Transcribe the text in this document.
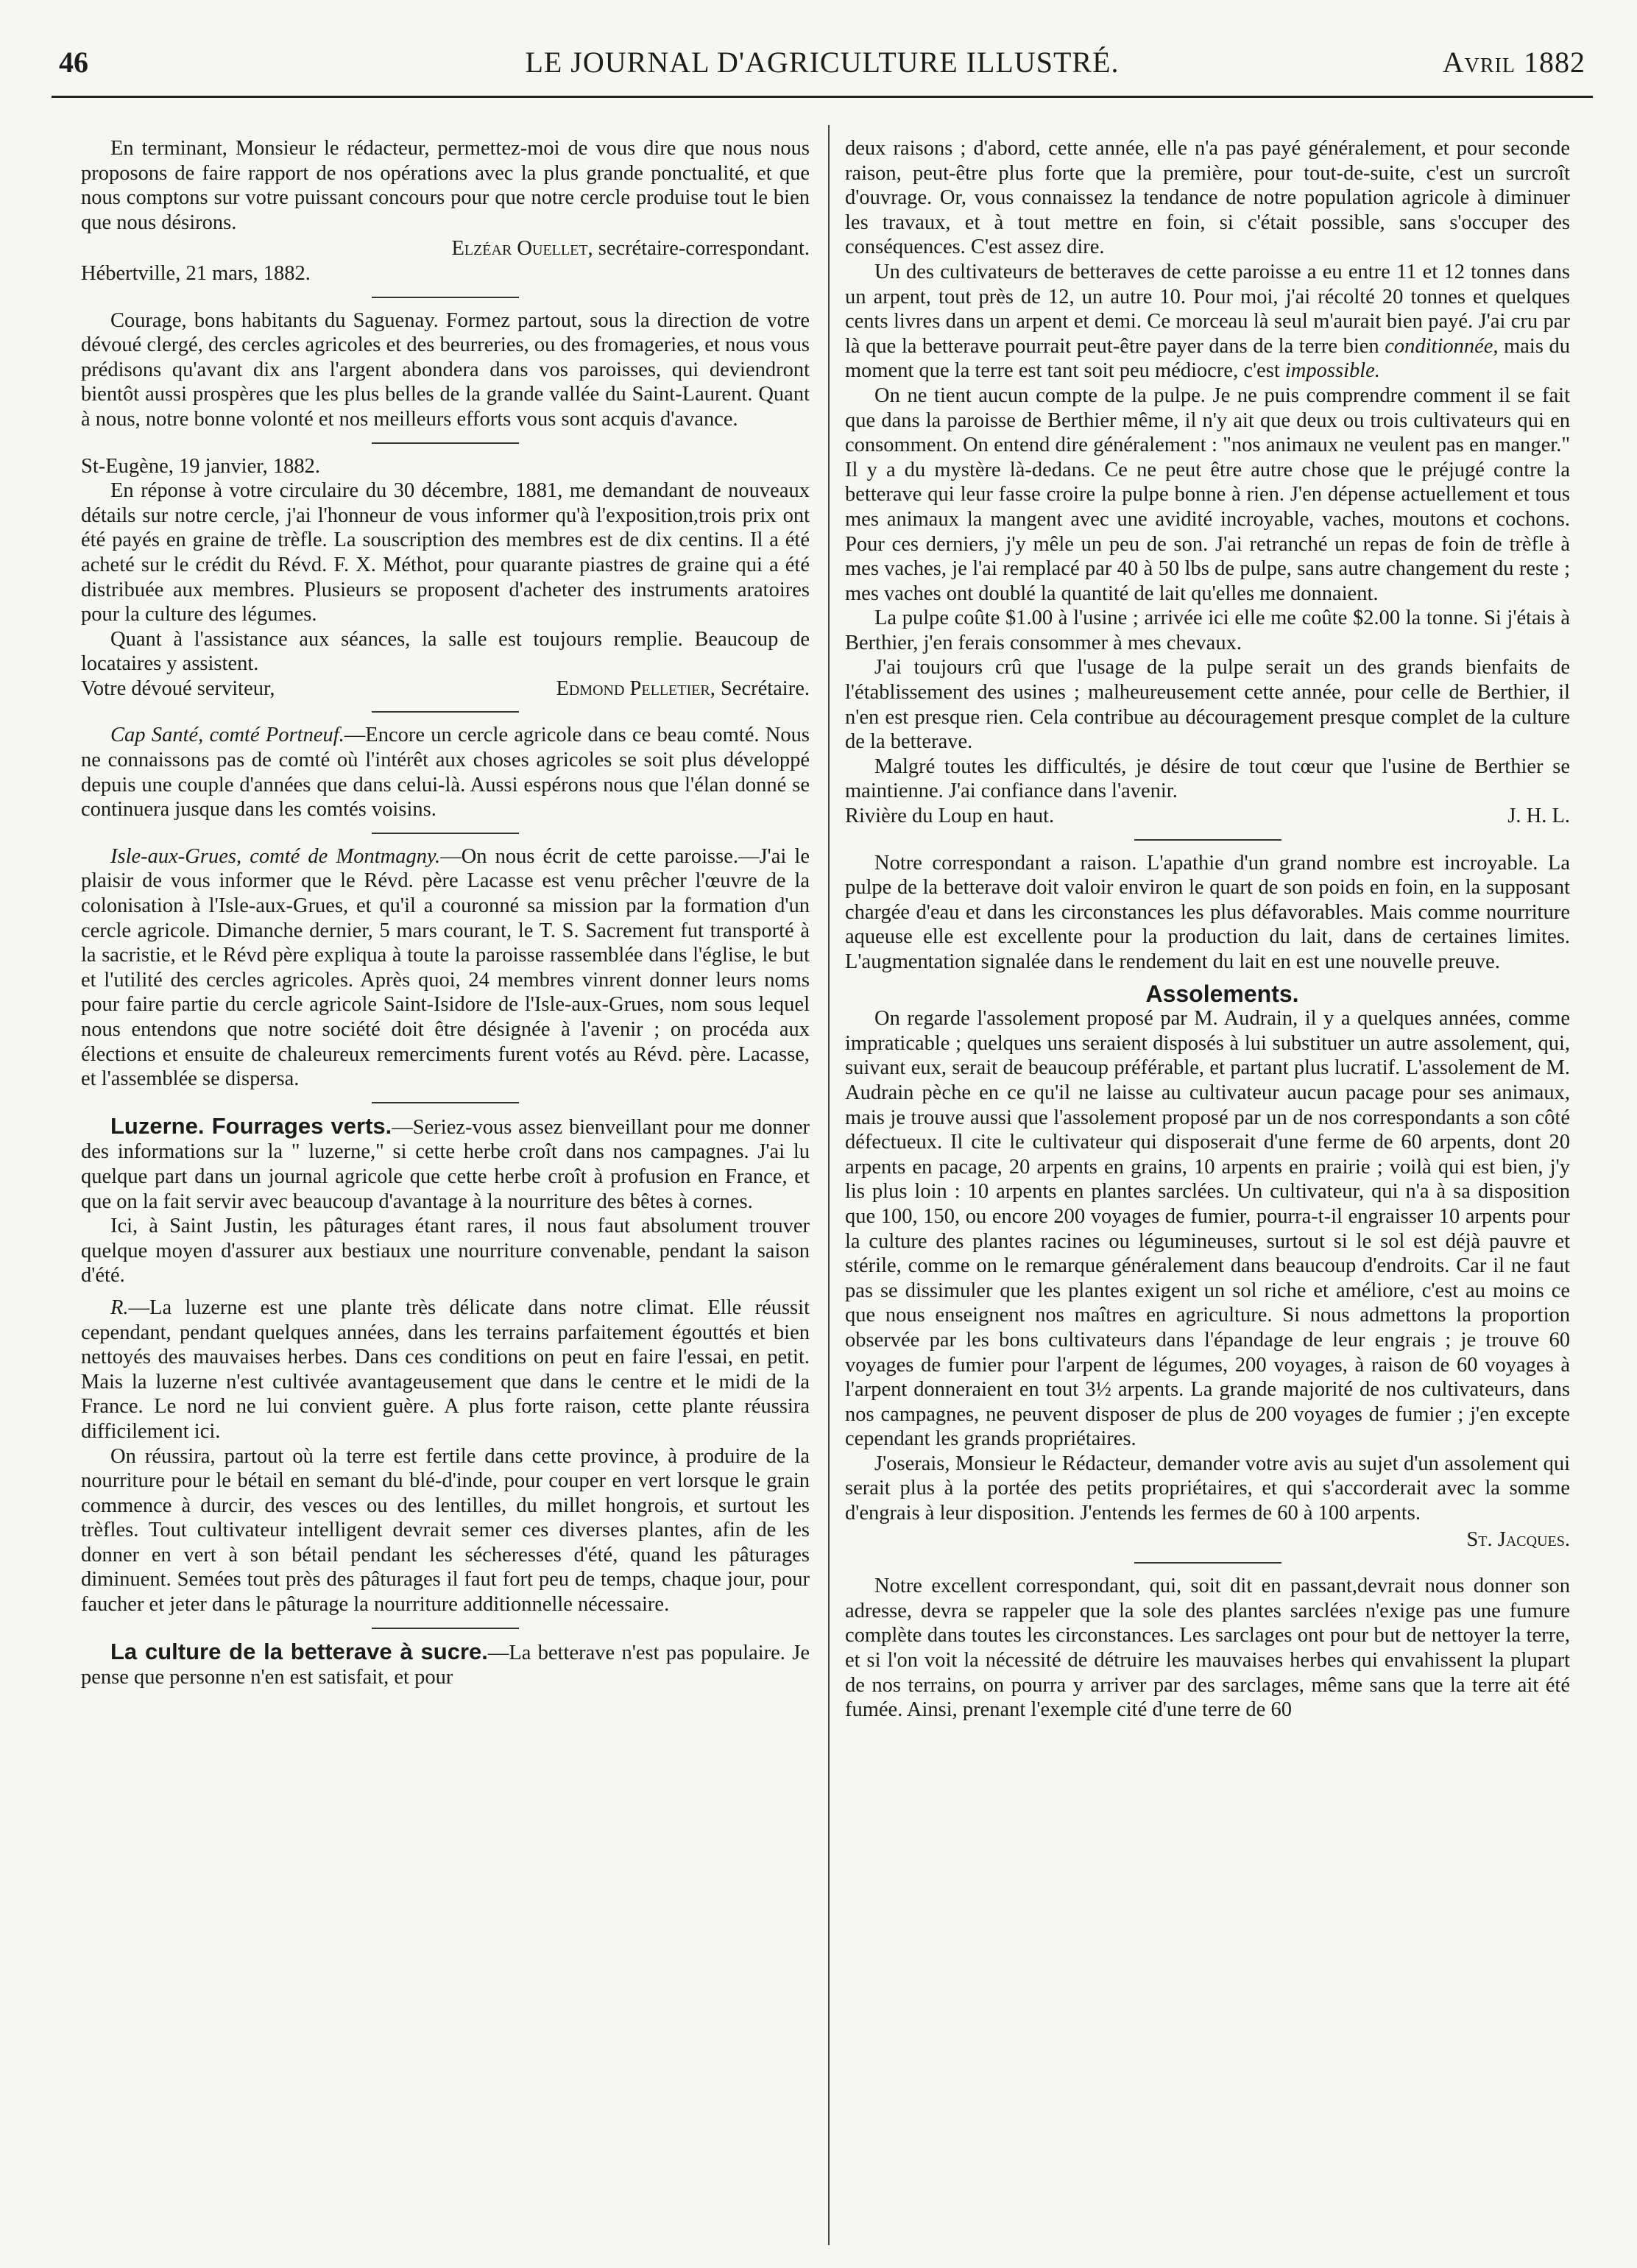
46	LE JOURNAL D'AGRICULTURE ILLUSTRÉ.	Avril 1882

En terminant, Monsieur le rédacteur, permettez-moi de vous dire que nous nous proposons de faire rapport de nos opérations avec la plus grande ponctualité, et que nous comptons sur votre puissant concours pour que notre cercle produise tout le bien que nous désirons.

Elzéar Ouellet, secrétaire-correspondant.

Hébertville, 21 mars, 1882.

Courage, bons habitants du Saguenay. Formez partout, sous la direction de votre dévoué clergé, des cercles agricoles et des beurreries, ou des fromageries, et nous vous prédisons qu'avant dix ans l'argent abondera dans vos paroisses, qui deviendront bientôt aussi prospères que les plus belles de la grande vallée du Saint-Laurent. Quant à nous, notre bonne volonté et nos meilleurs efforts vous sont acquis d'avance.

St-Eugène, 19 janvier, 1882.

En réponse à votre circulaire du 30 décembre, 1881, me demandant de nouveaux détails sur notre cercle, j'ai l'honneur de vous informer qu'à l'exposition,trois prix ont été payés en graine de trèfle. La souscription des membres est de dix centins. Il a été acheté sur le crédit du Révd. F. X. Méthot, pour quarante piastres de graine qui a été distribuée aux membres. Plusieurs se proposent d'acheter des instruments aratoires pour la culture des légumes.

Quant à l'assistance aux séances, la salle est toujours remplie. Beaucoup de locataires y assistent.

Votre dévoué serviteur,	Edmond Pelletier, Secrétaire.

Cap Santé, comté Portneuf.—Encore un cercle agricole dans ce beau comté. Nous ne connaissons pas de comté où l'intérêt aux choses agricoles se soit plus développé depuis une couple d'années que dans celui-là. Aussi espérons nous que l'élan donné se continuera jusque dans les comtés voisins.

Isle-aux-Grues, comté de Montmagny.—On nous écrit de cette paroisse.—J'ai le plaisir de vous informer que le Révd. père Lacasse est venu prêcher l'œuvre de la colonisation à l'Isle-aux-Grues, et qu'il a couronné sa mission par la formation d'un cercle agricole. Dimanche dernier, 5 mars courant, le T. S. Sacrement fut transporté à la sacristie, et le Révd père expliqua à toute la paroisse rassemblée dans l'église, le but et l'utilité des cercles agricoles. Après quoi, 24 membres vinrent donner leurs noms pour faire partie du cercle agricole Saint-Isidore de l'Isle-aux-Grues, nom sous lequel nous entendons que notre société doit être désignée à l'avenir ; on procéda aux élections et ensuite de chaleureux remerciments furent votés au Révd. père. Lacasse, et l'assemblée se dispersa.

Luzerne. Fourrages verts.—Seriez-vous assez bienveillant pour me donner des informations sur la " luzerne," si cette herbe croît dans nos campagnes. J'ai lu quelque part dans un journal agricole que cette herbe croît à profusion en France, et que on la fait servir avec beaucoup d'avantage à la nourriture des bêtes à cornes.

Ici, à Saint Justin, les pâturages étant rares, il nous faut absolument trouver quelque moyen d'assurer aux bestiaux une nourriture convenable, pendant la saison d'été.

R.—La luzerne est une plante très délicate dans notre climat. Elle réussit cependant, pendant quelques années, dans les terrains parfaitement égouttés et bien nettoyés des mauvaises herbes. Dans ces conditions on peut en faire l'essai, en petit. Mais la luzerne n'est cultivée avantageusement que dans le centre et le midi de la France. Le nord ne lui convient guère. A plus forte raison, cette plante réussira difficilement ici.

On réussira, partout où la terre est fertile dans cette province, à produire de la nourriture pour le bétail en semant du blé-d'inde, pour couper en vert lorsque le grain commence à durcir, des vesces ou des lentilles, du millet hongrois, et surtout les trèfles. Tout cultivateur intelligent devrait semer ces diverses plantes, afin de les donner en vert à son bétail pendant les sécheresses d'été, quand les pâturages diminuent. Semées tout près des pâturages il faut fort peu de temps, chaque jour, pour faucher et jeter dans le pâturage la nourriture additionnelle nécessaire.

La culture de la betterave à sucre.—La betterave n'est pas populaire. Je pense que personne n'en est satisfait, et pour

deux raisons ; d'abord, cette année, elle n'a pas payé généralement, et pour seconde raison, peut-être plus forte que la première, pour tout-de-suite, c'est un surcroît d'ouvrage. Or, vous connaissez la tendance de notre population agricole à diminuer les travaux, et à tout mettre en foin, si c'était possible, sans s'occuper des conséquences. C'est assez dire.

Un des cultivateurs de betteraves de cette paroisse a eu entre 11 et 12 tonnes dans un arpent, tout près de 12, un autre 10. Pour moi, j'ai récolté 20 tonnes et quelques cents livres dans un arpent et demi. Ce morceau là seul m'aurait bien payé. J'ai cru par là que la betterave pourrait peut-être payer dans de la terre bien conditionnée, mais du moment que la terre est tant soit peu médiocre, c'est impossible.

On ne tient aucun compte de la pulpe. Je ne puis comprendre comment il se fait que dans la paroisse de Berthier même, il n'y ait que deux ou trois cultivateurs qui en consomment. On entend dire généralement : "nos animaux ne veulent pas en manger." Il y a du mystère là-dedans. Ce ne peut être autre chose que le préjugé contre la betterave qui leur fasse croire la pulpe bonne à rien. J'en dépense actuellement et tous mes animaux la mangent avec une avidité incroyable, vaches, moutons et cochons. Pour ces derniers, j'y mêle un peu de son. J'ai retranché un repas de foin de trèfle à mes vaches, je l'ai remplacé par 40 à 50 lbs de pulpe, sans autre changement du reste ; mes vaches ont doublé la quantité de lait qu'elles me donnaient.

La pulpe coûte $1.00 à l'usine ; arrivée ici elle me coûte $2.00 la tonne. Si j'étais à Berthier, j'en ferais consommer à mes chevaux.

J'ai toujours crû que l'usage de la pulpe serait un des grands bienfaits de l'établissement des usines ; malheureusement cette année, pour celle de Berthier, il n'en est presque rien. Cela contribue au découragement presque complet de la culture de la betterave.

Malgré toutes les difficultés, je désire de tout cœur que l'usine de Berthier se maintienne. J'ai confiance dans l'avenir.

Rivière du Loup en haut.	J. H. L.

Notre correspondant a raison. L'apathie d'un grand nombre est incroyable. La pulpe de la betterave doit valoir environ le quart de son poids en foin, en la supposant chargée d'eau et dans les circonstances les plus défavorables. Mais comme nourriture aqueuse elle est excellente pour la production du lait, dans de certaines limites. L'augmentation signalée dans le rendement du lait en est une nouvelle preuve.

Assolements.

On regarde l'assolement proposé par M. Audrain, il y a quelques années, comme impraticable ; quelques uns seraient disposés à lui substituer un autre assolement, qui, suivant eux, serait de beaucoup préférable, et partant plus lucratif. L'assolement de M. Audrain pèche en ce qu'il ne laisse au cultivateur aucun pacage pour ses animaux, mais je trouve aussi que l'assolement proposé par un de nos correspondants a son côté défectueux. Il cite le cultivateur qui disposerait d'une ferme de 60 arpents, dont 20 arpents en pacage, 20 arpents en grains, 10 arpents en prairie ; voilà qui est bien, j'y lis plus loin : 10 arpents en plantes sarclées. Un cultivateur, qui n'a à sa disposition que 100, 150, ou encore 200 voyages de fumier, pourra-t-il engraisser 10 arpents pour la culture des plantes racines ou légumineuses, surtout si le sol est déjà pauvre et stérile, comme on le remarque généralement dans beaucoup d'endroits. Car il ne faut pas se dissimuler que les plantes exigent un sol riche et améliore, c'est au moins ce que nous enseignent nos maîtres en agriculture. Si nous admettons la proportion observée par les bons cultivateurs dans l'épandage de leur engrais ; je trouve 60 voyages de fumier pour l'arpent de légumes, 200 voyages, à raison de 60 voyages à l'arpent donneraient en tout 3½ arpents. La grande majorité de nos cultivateurs, dans nos campagnes, ne peuvent disposer de plus de 200 voyages de fumier ; j'en excepte cependant les grands propriétaires.

J'oserais, Monsieur le Rédacteur, demander votre avis au sujet d'un assolement qui serait plus à la portée des petits propriétaires, et qui s'accorderait avec la somme d'engrais à leur disposition. J'entends les fermes de 60 à 100 arpents.

St. Jacques.

Notre excellent correspondant, qui, soit dit en passant,devrait nous donner son adresse, devra se rappeler que la sole des plantes sarclées n'exige pas une fumure complète dans toutes les circonstances. Les sarclages ont pour but de nettoyer la terre, et si l'on voit la nécessité de détruire les mauvaises herbes qui envahissent la plupart de nos terrains, on pourra y arriver par des sarclages, même sans que la terre ait été fumée. Ainsi, prenant l'exemple cité d'une terre de 60
